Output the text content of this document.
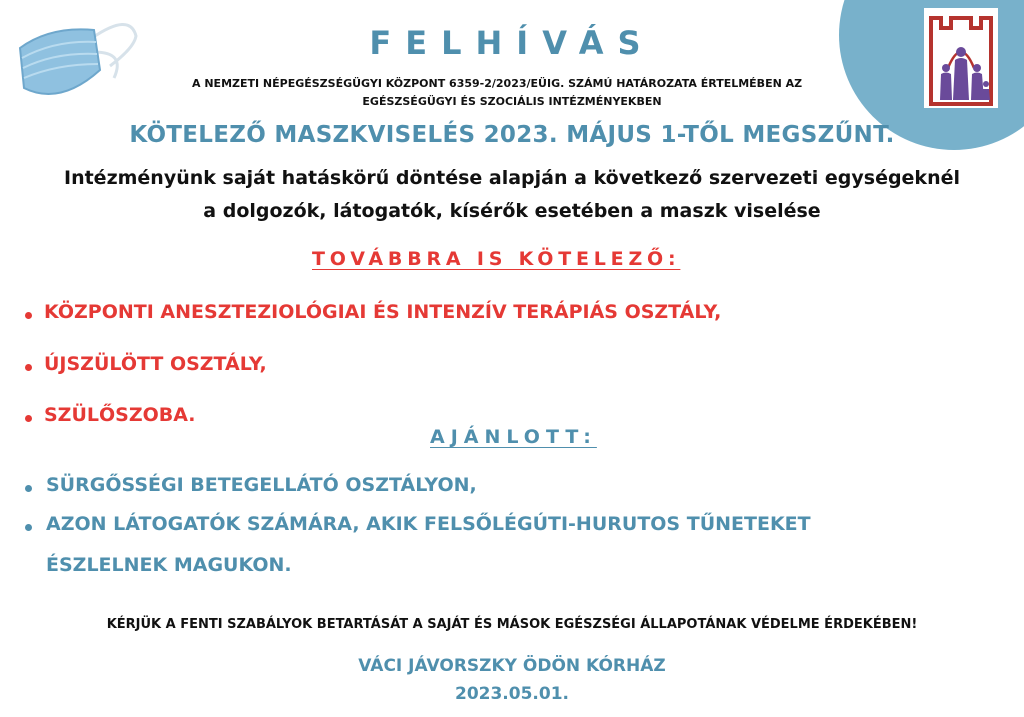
FELHÍVÁS
A NEMZETI NÉPEGÉSZSÉGÜGYI KÖZPONT 6359-2/2023/EÜIG. SZÁMÚ HATÁROZATA ÉRTELMÉBEN AZ
EGÉSZSÉGÜGYI ÉS SZOCIÁLIS INTÉZMÉNYEKBEN
KÖTELEZŐ MASZKVISELÉS 2023. MÁJUS 1-TŐL MEGSZŰNT.
Intézményünk saját hatáskörű döntése alapján a következő szervezeti egységeknél
a dolgozók, látogatók, kísérők esetében a maszk viselése
TOVÁBBRA IS KÖTELEZŐ:
KÖZPONTI ANESZTEZIOLÓGIAI ÉS INTENZÍV TERÁPIÁS OSZTÁLY,
ÚJSZÜLÖTT OSZTÁLY,
SZÜLŐSZOBA.
AJÁNLOTT:
SÜRGŐSSÉGI BETEGELLÁTÓ OSZTÁLYON,
AZON LÁTOGATÓK SZÁMÁRA, AKIK FELSŐLÉGÚTI-HURUTOS TŰNETEKET
ÉSZLELNEK MAGUKON.
KÉRJÜK A FENTI SZABÁLYOK BETARTÁSÁT A SAJÁT ÉS MÁSOK EGÉSZSÉGI ÁLLAPOTÁNAK VÉDELME ÉRDEKÉBEN!
VÁCI JÁVORSZKY ÖDÖN KÓRHÁZ
2023.05.01.
